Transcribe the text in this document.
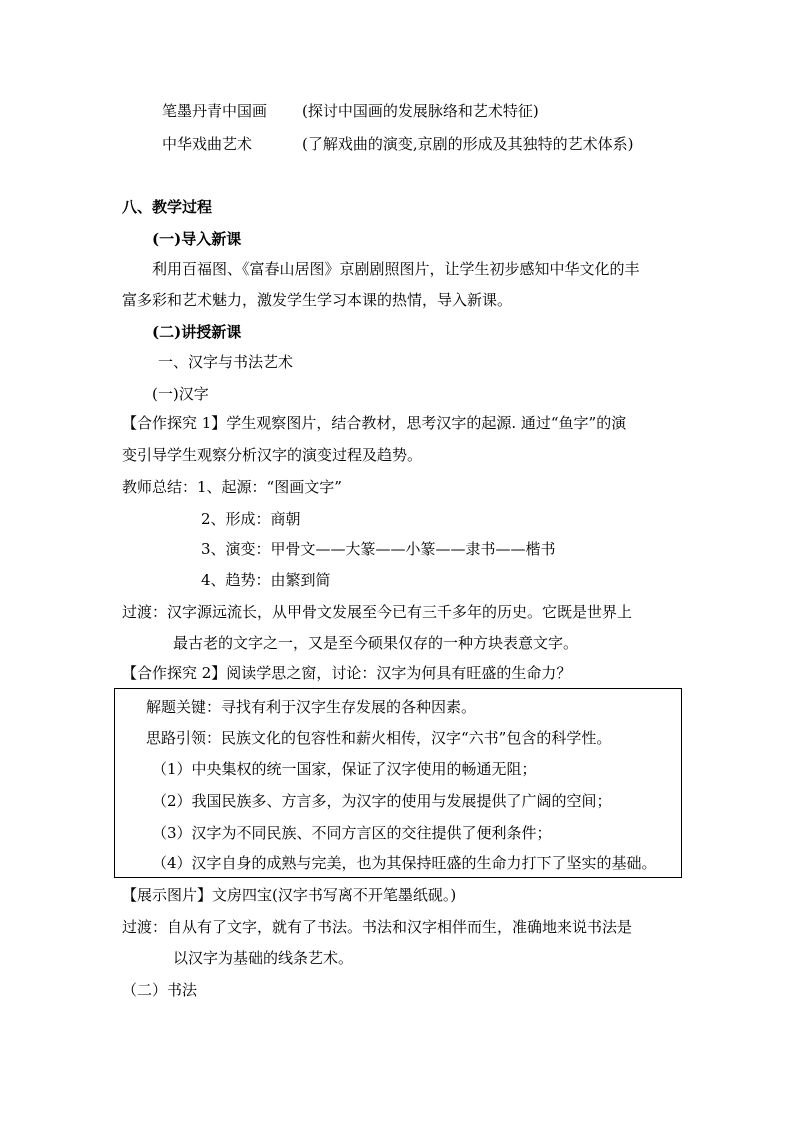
笔墨丹青中国画 (探讨中国画的发展脉络和艺术特征)
中华戏曲艺术	(了解戏曲的演变,京剧的形成及其独特的艺术体系)
八、教学过程
(一)导入新课
利用百福图、《富春山居图》京剧剧照图片，让学生初步感知中华文化的丰
富多彩和艺术魅力，激发学生学习本课的热情，导入新课。
(二)讲授新课
一、汉字与书法艺术
(一)汉字
【合作探究 1】学生观察图片，结合教材，思考汉字的起源. 通过“鱼字”的演
变引导学生观察分析汉字的演变过程及趋势。
教师总结：1、起源：“图画文字”
2、形成：商朝
3、演变：甲骨文——大篆——小篆——隶书——楷书
4、趋势：由繁到简
过渡：汉字源远流长，从甲骨文发展至今已有三千多年的历史。它既是世界上
最古老的文字之一，又是至今硕果仅存的一种方块表意文字。
【合作探究 2】阅读学思之窗，讨论：汉字为何具有旺盛的生命力？
解题关键：寻找有利于汉字生存发展的各种因素。
思路引领：民族文化的包容性和薪火相传，汉字“六书”包含的科学性。
（1）中央集权的统一国家，保证了汉字使用的畅通无阻；
（2）我国民族多、方言多，为汉字的使用与发展提供了广阔的空间；
（3）汉字为不同民族、不同方言区的交往提供了便利条件；
（4）汉字自身的成熟与完美，也为其保持旺盛的生命力打下了坚实的基础。
【展示图片】文房四宝(汉字书写离不开笔墨纸砚。)
过渡：自从有了文字，就有了书法。书法和汉字相伴而生，准确地来说书法是
以汉字为基础的线条艺术。
（二）书法
